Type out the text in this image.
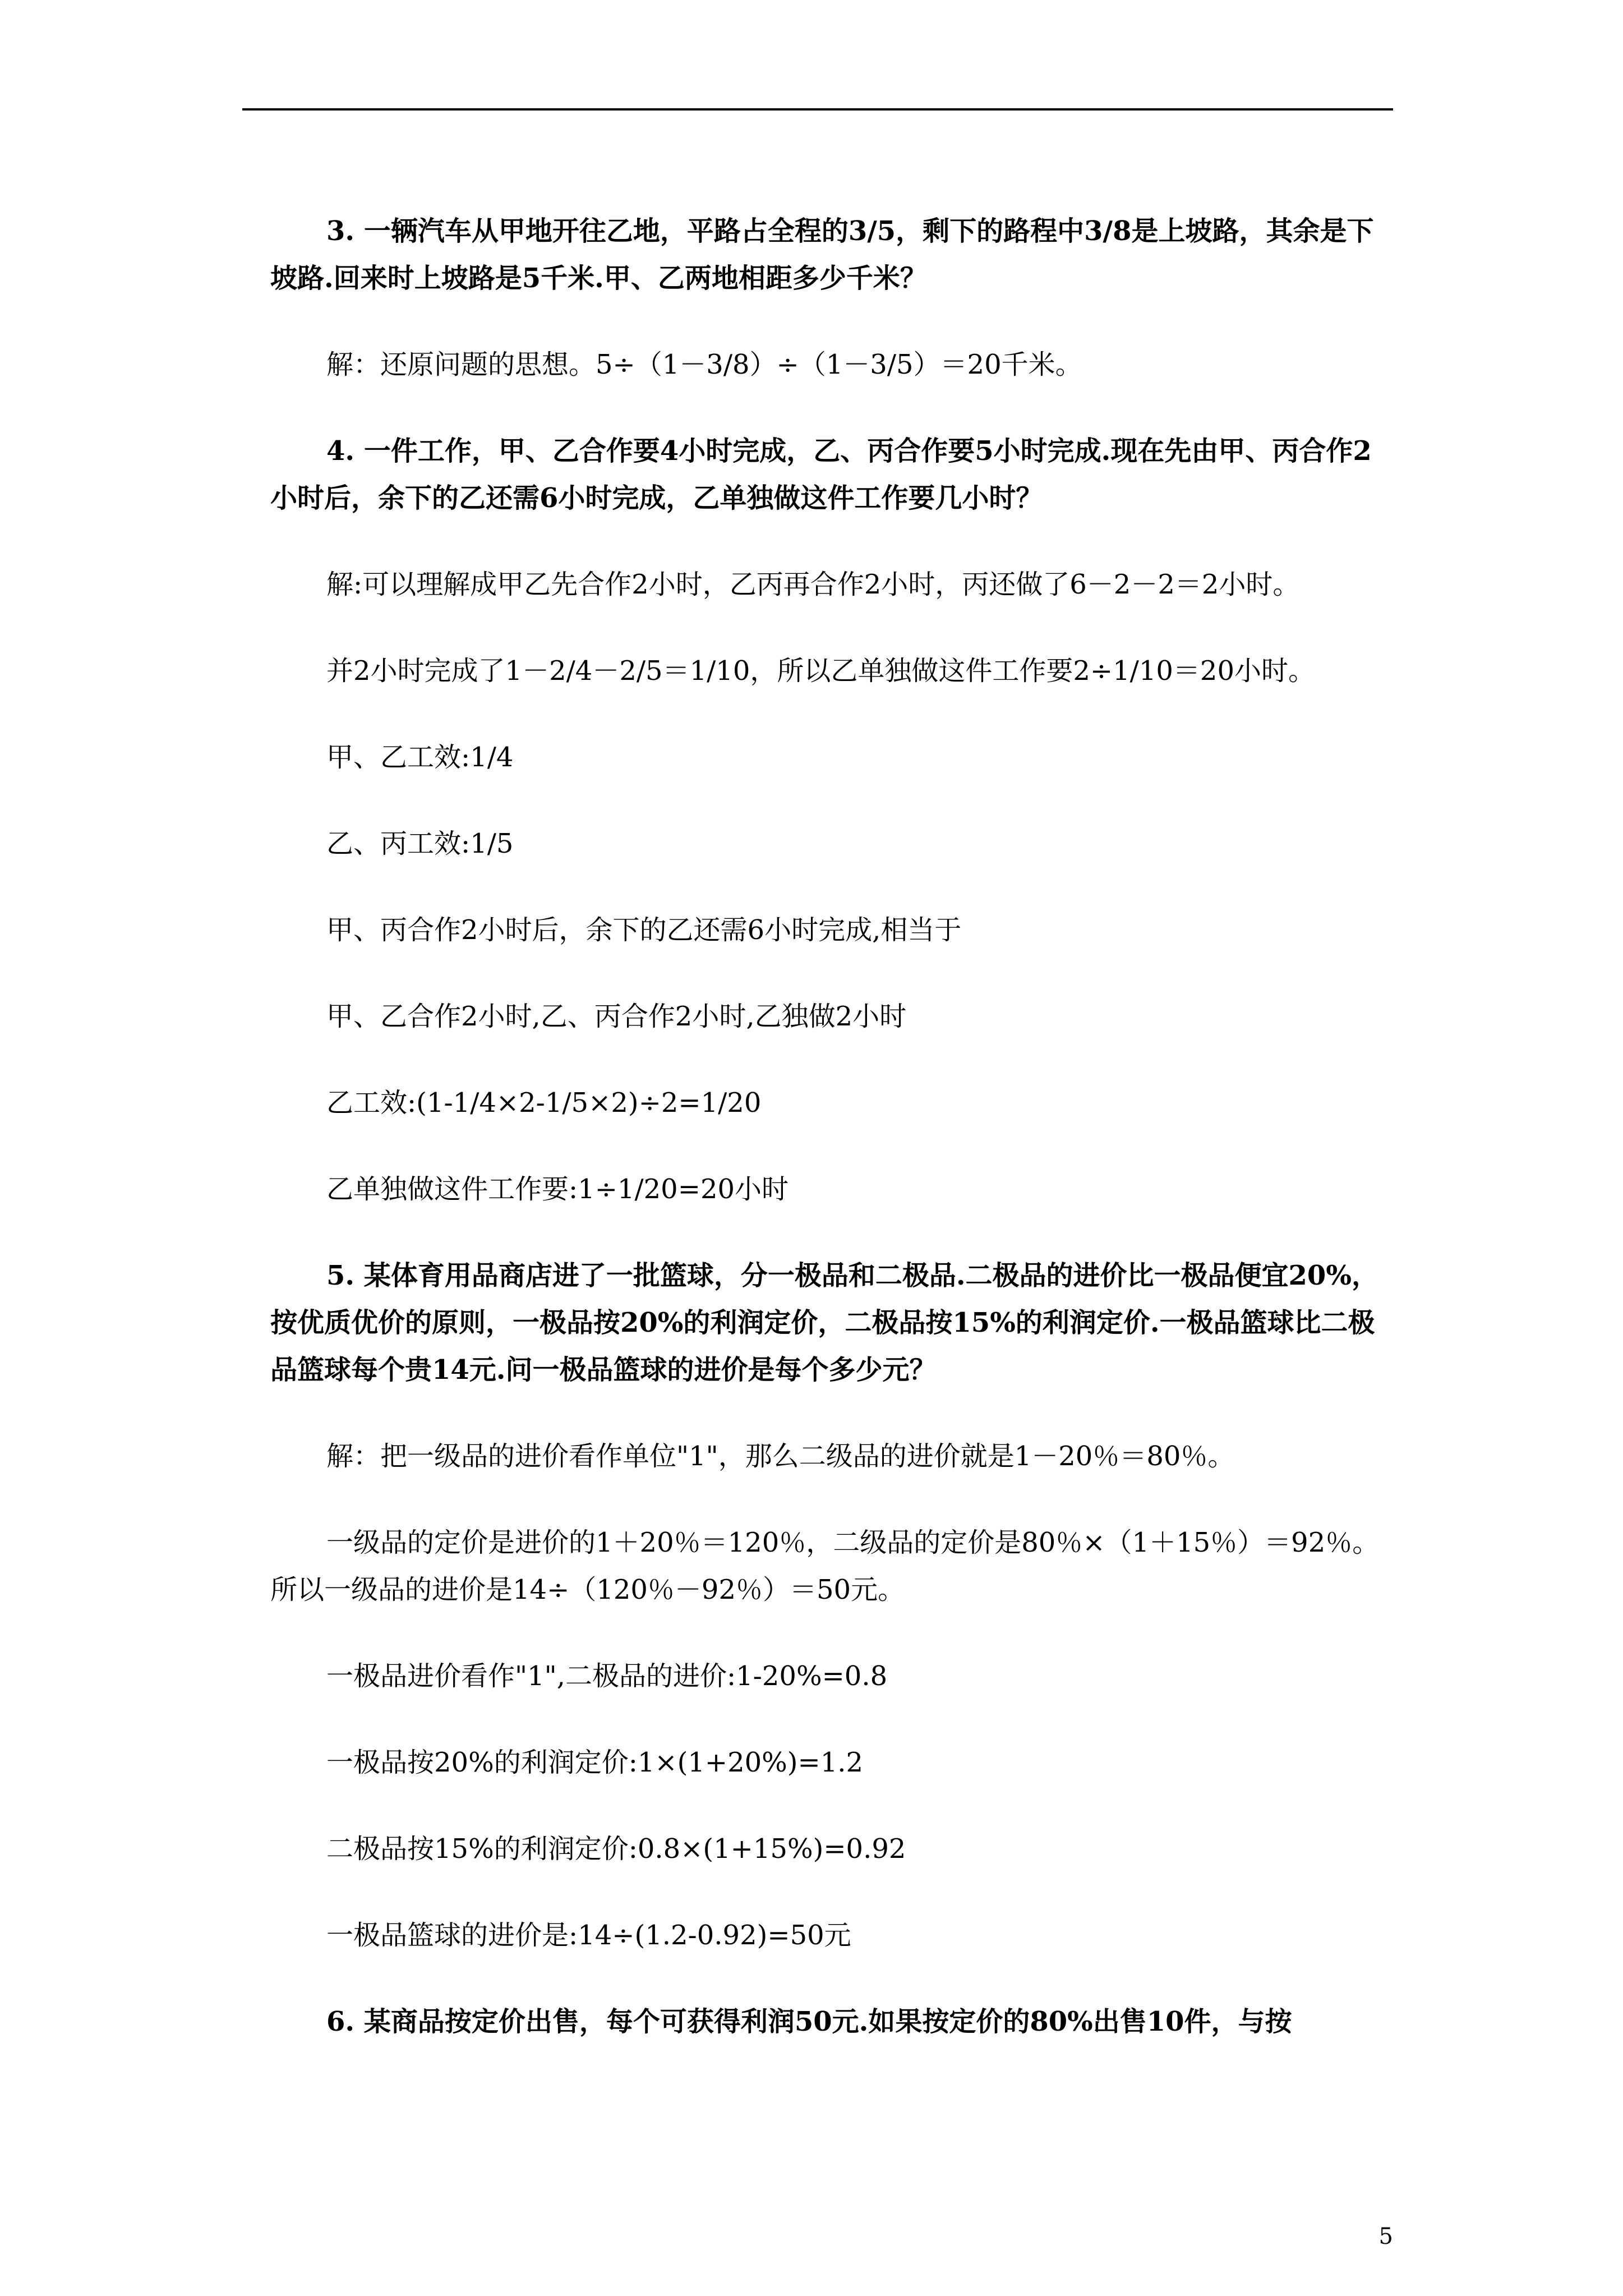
3. 一辆汽车从甲地开往乙地，平路占全程的3/5，剩下的路程中3/8是上坡路，其余是下坡路.回来时上坡路是5千米.甲、乙两地相距多少千米？

解：还原问题的思想。5÷（1－3/8）÷（1－3/5）＝20千米。

4. 一件工作，甲、乙合作要4小时完成，乙、丙合作要5小时完成.现在先由甲、丙合作2小时后，余下的乙还需6小时完成，乙单独做这件工作要几小时？

解:可以理解成甲乙先合作2小时，乙丙再合作2小时，丙还做了6－2－2＝2小时。

并2小时完成了1－2/4－2/5＝1/10，所以乙单独做这件工作要2÷1/10＝20小时。

甲、乙工效:1/4

乙、丙工效:1/5

甲、丙合作2小时后，余下的乙还需6小时完成,相当于

甲、乙合作2小时,乙、丙合作2小时,乙独做2小时

乙工效:(1-1/4×2-1/5×2)÷2=1/20

乙单独做这件工作要:1÷1/20=20小时

5. 某体育用品商店进了一批篮球，分一极品和二极品.二极品的进价比一极品便宜20%，按优质优价的原则，一极品按20%的利润定价，二极品按15%的利润定价.一极品篮球比二极品篮球每个贵14元.问一极品篮球的进价是每个多少元？

解：把一级品的进价看作单位"1"，那么二级品的进价就是1－20％＝80％。

一级品的定价是进价的1＋20％＝120％，二级品的定价是80％×（1＋15％）＝92％。所以一级品的进价是14÷（120％－92％）＝50元。

一极品进价看作"1",二极品的进价:1-20%=0.8

一极品按20%的利润定价:1×(1+20%)=1.2

二极品按15%的利润定价:0.8×(1+15%)=0.92

一极品篮球的进价是:14÷(1.2-0.92)=50元

6. 某商品按定价出售，每个可获得利润50元.如果按定价的80%出售10件，与按

5
